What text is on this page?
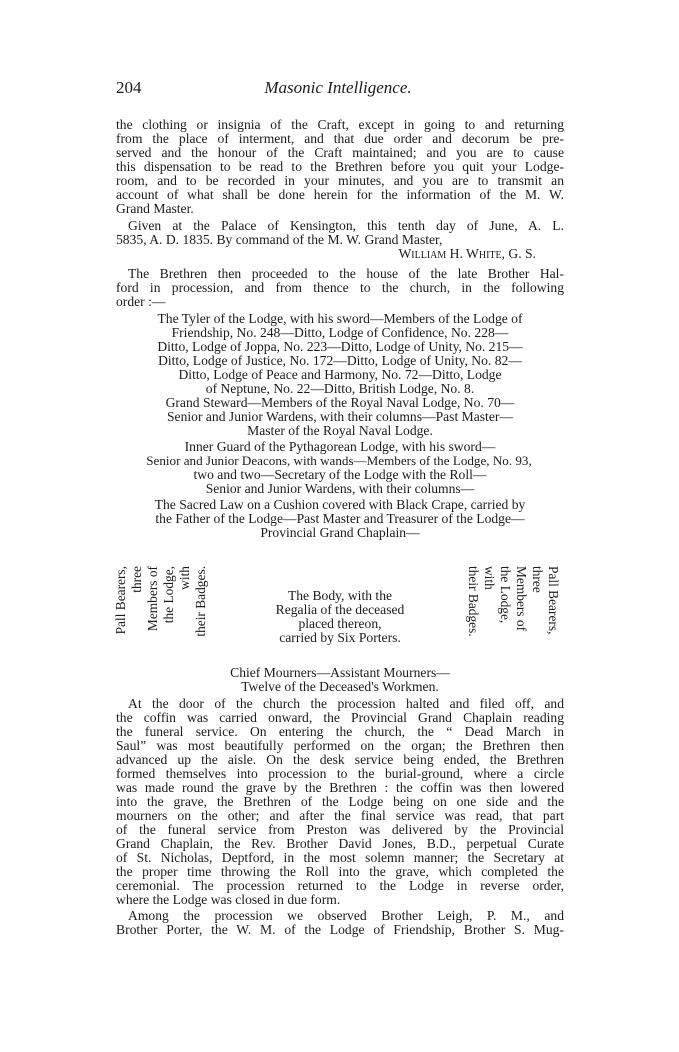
204	Masonic Intelligence.
the clothing or insignia of the Craft, except in going to and returning
from the place of interment, and that due order and decorum be pre-
served and the honour of the Craft maintained; and you are to cause
this dispensation to be read to the Brethren before you quit your Lodge-
room, and to be recorded in your minutes, and you are to transmit an
account of what shall be done herein for the information of the M. W.
Grand Master.
Given at the Palace of Kensington, this tenth day of June, A. L.
5835, A. D. 1835. By command of the M. W. Grand Master,
William H. White, G. S.
The Brethren then proceeded to the house of the late Brother Hal-
ford in procession, and from thence to the church, in the following
order :—
The Tyler of the Lodge, with his sword—Members of the Lodge of
Friendship, No. 248—Ditto, Lodge of Confidence, No. 228—
Ditto, Lodge of Joppa, No. 223—Ditto, Lodge of Unity, No. 215—
Ditto, Lodge of Justice, No. 172—Ditto, Lodge of Unity, No. 82—
Ditto, Lodge of Peace and Harmony, No. 72—Ditto, Lodge
of Neptune, No. 22—Ditto, British Lodge, No. 8.
Grand Steward—Members of the Royal Naval Lodge, No. 70—
Senior and Junior Wardens, with their columns—Past Master—
Master of the Royal Naval Lodge.
Inner Guard of the Pythagorean Lodge, with his sword—
Senior and Junior Deacons, with wands—Members of the Lodge, No. 93,
two and two—Secretary of the Lodge with the Roll—
Senior and Junior Wardens, with their columns—
The Sacred Law on a Cushion covered with Black Crape, carried by
the Father of the Lodge—Past Master and Treasurer of the Lodge—
Provincial Grand Chaplain—
Pall Bearers, three Members of the Lodge, with their Badges.	The Body, with the
Regalia of the deceased
placed thereon,
carried by Six Porters.
their Badges. with the Lodge, Members of three Pall Bearers,
Chief Mourners—Assistant Mourners—
Twelve of the Deceased's Workmen.
At the door of the church the procession halted and filed off, and
the coffin was carried onward, the Provincial Grand Chaplain reading
the funeral service. On entering the church, the “ Dead March in
Saul” was most beautifully performed on the organ; the Brethren then
advanced up the aisle. On the desk service being ended, the Brethren
formed themselves into procession to the burial-ground, where a circle
was made round the grave by the Brethren : the coffin was then lowered
into the grave, the Brethren of the Lodge being on one side and the
mourners on the other; and after the final service was read, that part
of the funeral service from Preston was delivered by the Provincial
Grand Chaplain, the Rev. Brother David Jones, B.D., perpetual Curate
of St. Nicholas, Deptford, in the most solemn manner; the Secretary at
the proper time throwing the Roll into the grave, which completed the
ceremonial. The procession returned to the Lodge in reverse order,
where the Lodge was closed in due form.
Among the procession we observed Brother Leigh, P. M., and
Brother Porter, the W. M. of the Lodge of Friendship, Brother S. Mug-
